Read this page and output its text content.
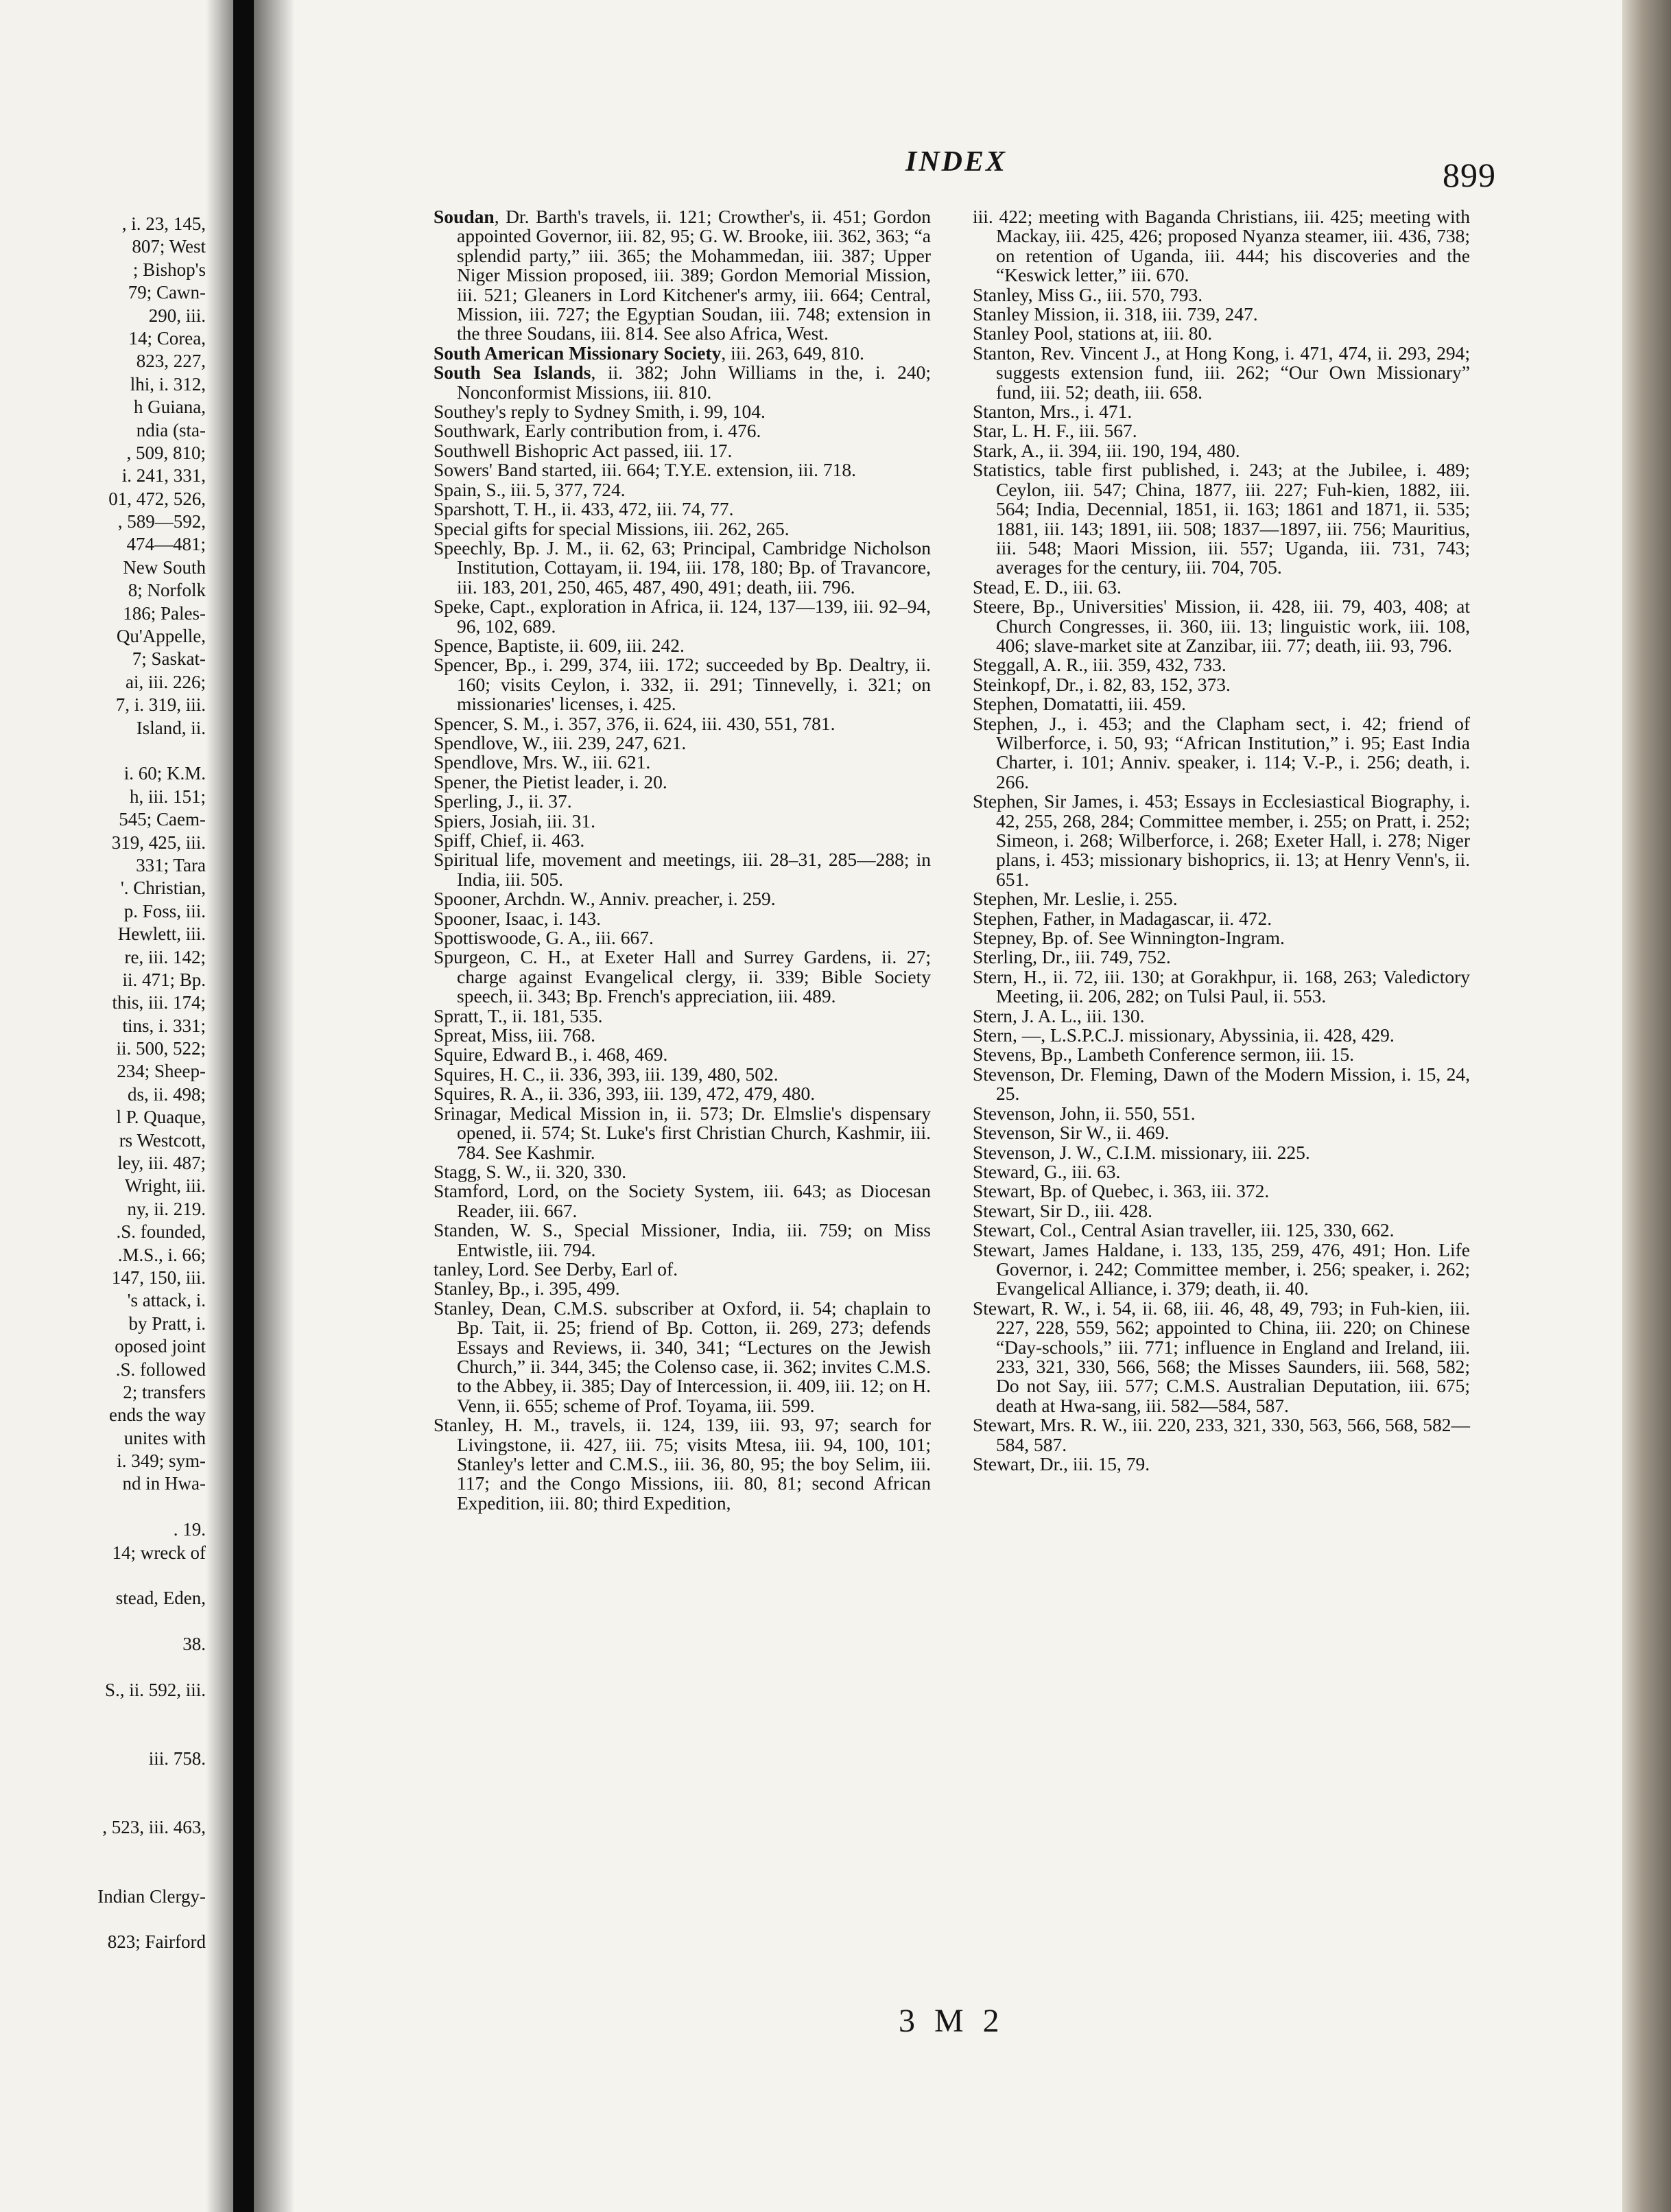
, i. 23, 145,
807; West
; Bishop's
79; Cawn-
290, iii.
14; Corea,
823, 227,
lhi, i. 312,
h Guiana,
ndia (sta-
, 509, 810;
i. 241, 331,
01, 472, 526,
, 589—592,
474—481;
New South
8; Norfolk
186; Pales-
Qu'Appelle,
7; Saskat-
ai, iii. 226;
7, i. 319, iii.
Island, ii.
i. 60; K.M.
h, iii. 151;
545; Caem-
319, 425, iii.
331; Tara
'. Christian,
p. Foss, iii.
Hewlett, iii.
re, iii. 142;
ii. 471; Bp.
this, iii. 174;
tins, i. 331;
ii. 500, 522;
234; Sheep-
ds, ii. 498;
l P. Quaque,
rs Westcott,
ley, iii. 487;
Wright, iii.
ny, ii. 219.
.S. founded,
.M.S., i. 66;
147, 150, iii.
's attack, i.
by Pratt, i.
oposed joint
.S. followed
2; transfers
ends the way
unites with
i. 349; sym-
nd in Hwa-
. 19.
14; wreck of
stead, Eden,
38.
S., ii. 592, iii.
iii. 758.
, 523, iii. 463,
Indian Clergy-
823; Fairford
INDEX	899

Soudan, Dr. Barth's travels, ii. 121; Crowther's, ii. 451; Gordon appointed Governor, iii. 82, 95; G. W. Brooke, iii. 362, 363; “a splendid party,” iii. 365; the Mohammedan, iii. 387; Upper Niger Mission proposed, iii. 389; Gordon Memorial Mission, iii. 521; Gleaners in Lord Kitchener's army, iii. 664; Central, Mission, iii. 727; the Egyptian Soudan, iii. 748; extension in the three Soudans, iii. 814. See also Africa, West.

South American Missionary Society, iii. 263, 649, 810.

South Sea Islands, ii. 382; John Williams in the, i. 240; Nonconformist Missions, iii. 810.

Southey's reply to Sydney Smith, i. 99, 104.

Southwark, Early contribution from, i. 476.

Southwell Bishopric Act passed, iii. 17.

Sowers' Band started, iii. 664; T.Y.E. extension, iii. 718.

Spain, S., iii. 5, 377, 724.

Sparshott, T. H., ii. 433, 472, iii. 74, 77.

Special gifts for special Missions, iii. 262, 265.

Speechly, Bp. J. M., ii. 62, 63; Principal, Cambridge Nicholson Institution, Cottayam, ii. 194, iii. 178, 180; Bp. of Travancore, iii. 183, 201, 250, 465, 487, 490, 491; death, iii. 796.

Speke, Capt., exploration in Africa, ii. 124, 137—139, iii. 92–94, 96, 102, 689.

Spence, Baptiste, ii. 609, iii. 242.

Spencer, Bp., i. 299, 374, iii. 172; succeeded by Bp. Dealtry, ii. 160; visits Ceylon, i. 332, ii. 291; Tinnevelly, i. 321; on missionaries' licenses, i. 425.

Spencer, S. M., i. 357, 376, ii. 624, iii. 430, 551, 781.

Spendlove, W., iii. 239, 247, 621.

Spendlove, Mrs. W., iii. 621.

Spener, the Pietist leader, i. 20.

Sperling, J., ii. 37.

Spiers, Josiah, iii. 31.

Spiff, Chief, ii. 463.

Spiritual life, movement and meetings, iii. 28–31, 285—288; in India, iii. 505.

Spooner, Archdn. W., Anniv. preacher, i. 259.

Spooner, Isaac, i. 143.

Spottiswoode, G. A., iii. 667.

Spurgeon, C. H., at Exeter Hall and Surrey Gardens, ii. 27; charge against Evangelical clergy, ii. 339; Bible Society speech, ii. 343; Bp. French's appreciation, iii. 489.

Spratt, T., ii. 181, 535.

Spreat, Miss, iii. 768.

Squire, Edward B., i. 468, 469.

Squires, H. C., ii. 336, 393, iii. 139, 480, 502.

Squires, R. A., ii. 336, 393, iii. 139, 472, 479, 480.

Srinagar, Medical Mission in, ii. 573; Dr. Elmslie's dispensary opened, ii. 574; St. Luke's first Christian Church, Kashmir, iii. 784. See Kashmir.

Stagg, S. W., ii. 320, 330.

Stamford, Lord, on the Society System, iii. 643; as Diocesan Reader, iii. 667.

Standen, W. S., Special Missioner, India, iii. 759; on Miss Entwistle, iii. 794.

tanley, Lord. See Derby, Earl of.

Stanley, Bp., i. 395, 499.

Stanley, Dean, C.M.S. subscriber at Oxford, ii. 54; chaplain to Bp. Tait, ii. 25; friend of Bp. Cotton, ii. 269, 273; defends Essays and Reviews, ii. 340, 341; “Lectures on the Jewish Church,” ii. 344, 345; the Colenso case, ii. 362; invites C.M.S. to the Abbey, ii. 385; Day of Intercession, ii. 409, iii. 12; on H. Venn, ii. 655; scheme of Prof. Toyama, iii. 599.

Stanley, H. M., travels, ii. 124, 139, iii. 93, 97; search for Livingstone, ii. 427, iii. 75; visits Mtesa, iii. 94, 100, 101; Stanley's letter and C.M.S., iii. 36, 80, 95; the boy Selim, iii. 117; and the Congo Missions, iii. 80, 81; second African Expedition, iii. 80; third Expedition,

iii. 422; meeting with Baganda Christians, iii. 425; meeting with Mackay, iii. 425, 426; proposed Nyanza steamer, iii. 436, 738; on retention of Uganda, iii. 444; his discoveries and the “Keswick letter,” iii. 670.

Stanley, Miss G., iii. 570, 793.

Stanley Mission, ii. 318, iii. 739, 247.

Stanley Pool, stations at, iii. 80.

Stanton, Rev. Vincent J., at Hong Kong, i. 471, 474, ii. 293, 294; suggests extension fund, iii. 262; “Our Own Missionary” fund, iii. 52; death, iii. 658.

Stanton, Mrs., i. 471.

Star, L. H. F., iii. 567.

Stark, A., ii. 394, iii. 190, 194, 480.

Statistics, table first published, i. 243; at the Jubilee, i. 489; Ceylon, iii. 547; China, 1877, iii. 227; Fuh-kien, 1882, iii. 564; India, Decennial, 1851, ii. 163; 1861 and 1871, ii. 535; 1881, iii. 143; 1891, iii. 508; 1837—1897, iii. 756; Mauritius, iii. 548; Maori Mission, iii. 557; Uganda, iii. 731, 743; averages for the century, iii. 704, 705.

Stead, E. D., iii. 63.

Steere, Bp., Universities' Mission, ii. 428, iii. 79, 403, 408; at Church Congresses, ii. 360, iii. 13; linguistic work, iii. 108, 406; slave-market site at Zanzibar, iii. 77; death, iii. 93, 796.

Steggall, A. R., iii. 359, 432, 733.

Steinkopf, Dr., i. 82, 83, 152, 373.

Stephen, Domatatti, iii. 459.

Stephen, J., i. 453; and the Clapham sect, i. 42; friend of Wilberforce, i. 50, 93; “African Institution,” i. 95; East India Charter, i. 101; Anniv. speaker, i. 114; V.-P., i. 256; death, i. 266.

Stephen, Sir James, i. 453; Essays in Ecclesiastical Biography, i. 42, 255, 268, 284; Committee member, i. 255; on Pratt, i. 252; Simeon, i. 268; Wilberforce, i. 268; Exeter Hall, i. 278; Niger plans, i. 453; missionary bishoprics, ii. 13; at Henry Venn's, ii. 651.

Stephen, Mr. Leslie, i. 255.

Stephen, Father, in Madagascar, ii. 472.

Stepney, Bp. of. See Winnington-Ingram.

Sterling, Dr., iii. 749, 752.

Stern, H., ii. 72, iii. 130; at Gorakhpur, ii. 168, 263; Valedictory Meeting, ii. 206, 282; on Tulsi Paul, ii. 553.

Stern, J. A. L., iii. 130.

Stern, —, L.S.P.C.J. missionary, Abyssinia, ii. 428, 429.

Stevens, Bp., Lambeth Conference sermon, iii. 15.

Stevenson, Dr. Fleming, Dawn of the Modern Mission, i. 15, 24, 25.

Stevenson, John, ii. 550, 551.

Stevenson, Sir W., ii. 469.

Stevenson, J. W., C.I.M. missionary, iii. 225.

Steward, G., iii. 63.

Stewart, Bp. of Quebec, i. 363, iii. 372.

Stewart, Sir D., iii. 428.

Stewart, Col., Central Asian traveller, iii. 125, 330, 662.

Stewart, James Haldane, i. 133, 135, 259, 476, 491; Hon. Life Governor, i. 242; Committee member, i. 256; speaker, i. 262; Evangelical Alliance, i. 379; death, ii. 40.

Stewart, R. W., i. 54, ii. 68, iii. 46, 48, 49, 793; in Fuh-kien, iii. 227, 228, 559, 562; appointed to China, iii. 220; on Chinese “Day-schools,” iii. 771; influence in England and Ireland, iii. 233, 321, 330, 566, 568; the Misses Saunders, iii. 568, 582; Do not Say, iii. 577; C.M.S. Australian Deputation, iii. 675; death at Hwa-sang, iii. 582—584, 587.

Stewart, Mrs. R. W., iii. 220, 233, 321, 330, 563, 566, 568, 582—584, 587.

Stewart, Dr., iii. 15, 79.

3 M 2
